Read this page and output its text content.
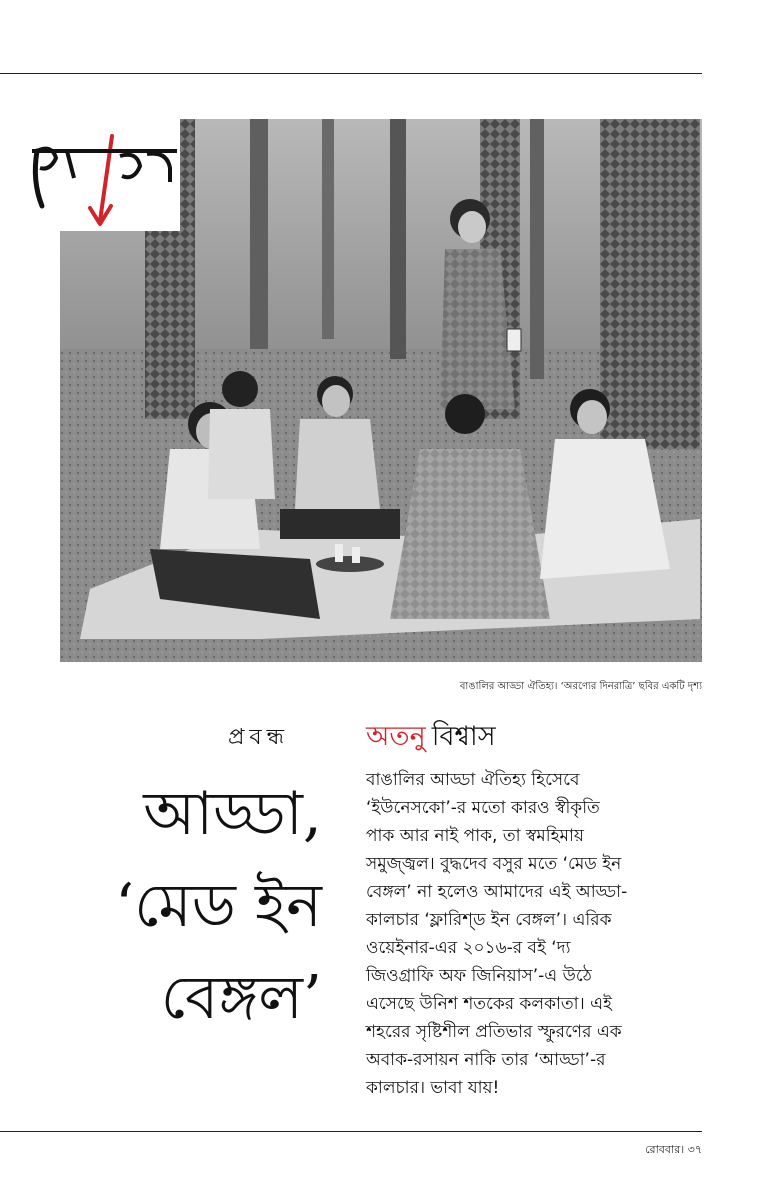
বাঙালির আড্ডা ঐতিহ্য। ‘অরণ্যের দিনরাত্রি’ ছবির একটি দৃশ্য
প্রবন্ধ	অতনু বিশ্বাস
আড্ডা,
‘মেড ইন
বেঙ্গল’
বাঙালির আড্ডা ঐতিহ্য হিসেবে
‘ইউনেসকো’-র মতো কারও স্বীকৃতি
পাক আর নাই পাক, তা স্বমহিমায়
সমুজ্জ্বল। বুদ্ধদেব বসুর মতে ‘মেড ইন
বেঙ্গল’ না হলেও আমাদের এই আড্ডা-
কালচার ‘ফ্লারিশ্‌ড ইন বেঙ্গল’। এরিক
ওয়েইনার-এর ২০১৬-র বই ‘দ্য
জিওগ্রাফি অফ জিনিয়াস’-এ উঠে
এসেছে উনিশ শতকের কলকাতা। এই
শহরের সৃষ্টিশীল প্রতিভার স্ফুরণের এক
অবাক-রসায়ন নাকি তার ‘আড্ডা’-র
কালচার। ভাবা যায়!
রোববার। ৩৭
